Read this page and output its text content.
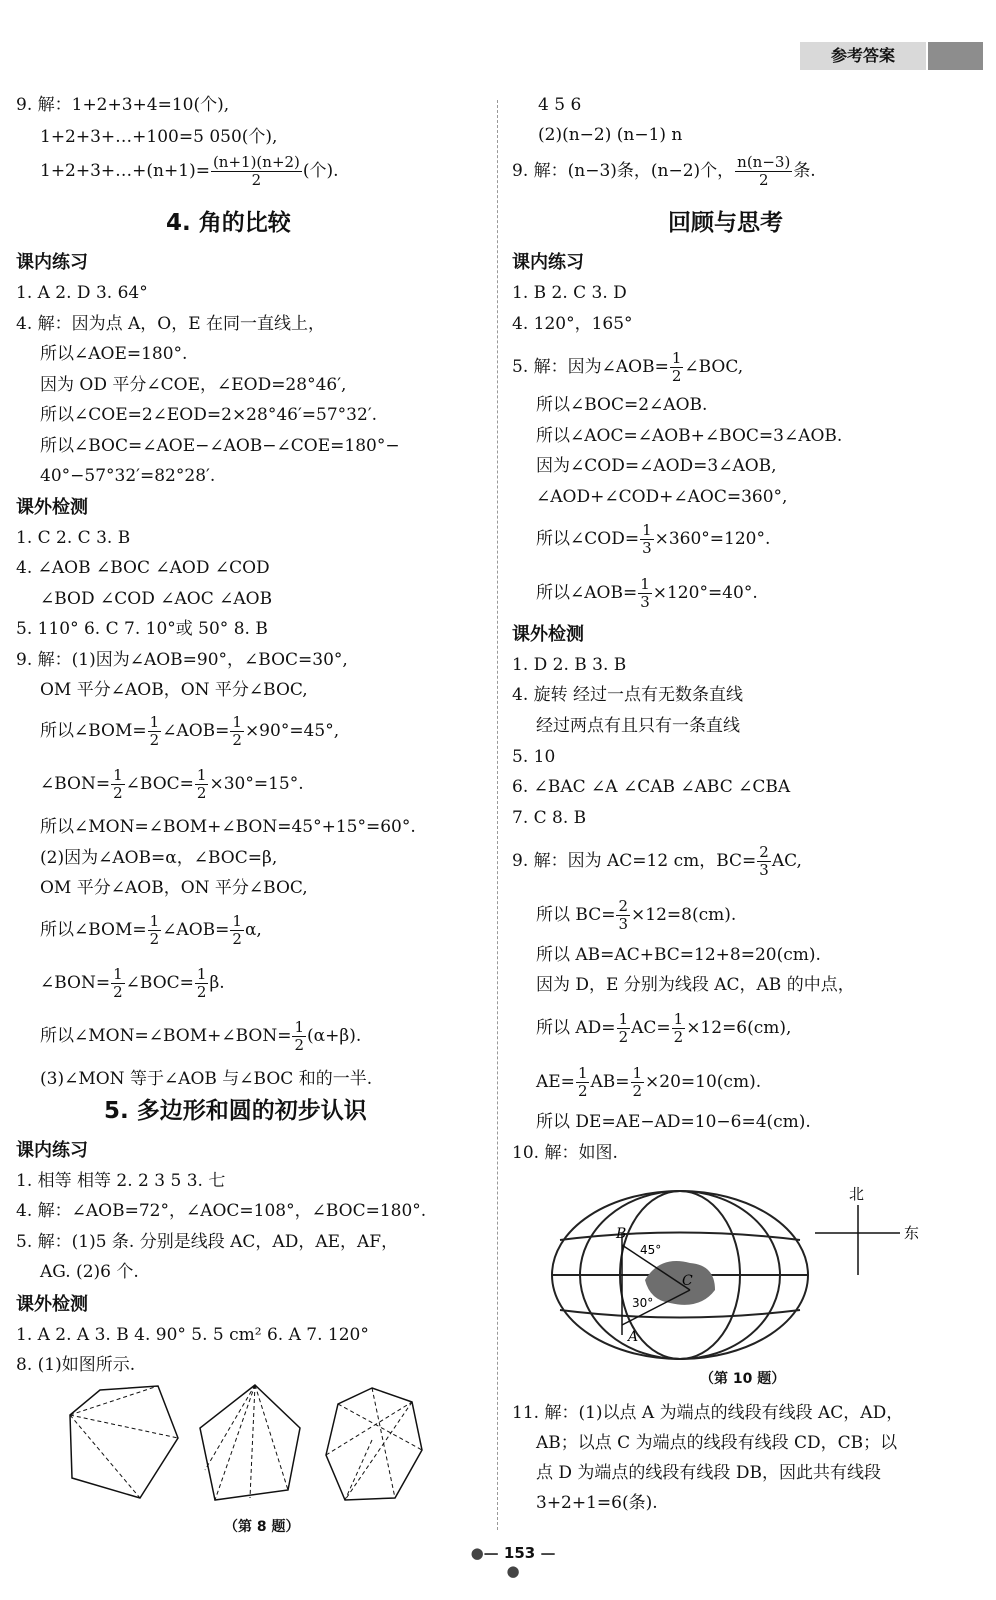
参考答案
9. 解：1+2+3+4=10(个),
1+2+3+…+100=5 050(个),
1+2+3+…+(n+1)= $\frac{(n+1)(n+2)}{2}$ (个).
4. 角的比较
课内练习
1. A 2. D 3. 64°
4. 解：因为点 A，O，E 在同一直线上，
所以∠AOE=180°.
因为 OD 平分∠COE，∠EOD=28°46′,
所以∠COE=2∠EOD=2×28°46′=57°32′.
所以∠BOC=∠AOE−∠AOB−∠COE=180°−
40°−57°32′=82°28′.
课外检测
1. C 2. C 3. B
4. ∠AOB ∠BOC ∠AOD ∠COD
∠BOD ∠COD ∠AOC ∠AOB
5. 110° 6. C 7. 10°或 50° 8. B
9. 解：(1)因为∠AOB=90°，∠BOC=30°,
OM 平分∠AOB，ON 平分∠BOC,
所以∠BOM= $\frac{1}{2}$ ∠AOB= $\frac{1}{2} \times 90^\circ=45^\circ$,
∠BON= $\frac{1}{2}$ ∠BOC= $\frac{1}{2} \times 30^\circ=15^\circ$.
所以∠MON=∠BOM+∠BON=45°+15°=60°.
(2)因为∠AOB=α，∠BOC=β,
OM 平分∠AOB，ON 平分∠BOC,
所以∠BOM= $\frac{1}{2}$ ∠AOB= $\frac{1}{2} \alpha$,
∠BON= $\frac{1}{2}$ ∠BOC= $\frac{1}{2} \beta$.
所以∠MON=∠BOM+∠BON= $\frac{1}{2} (\alpha+\beta)$.
(3)∠MON 等于∠AOB 与∠BOC 和的一半.
5. 多边形和圆的初步认识
课内练习
1. 相等 相等 2. 2 3 5 3. 七
4. 解：∠AOB=72°，∠AOC=108°，∠BOC=180°.
5. 解：(1)5 条. 分别是线段 AC，AD，AE，AF，
AG. (2)6 个.
课外检测
1. A 2. A 3. B 4. 90° 5. 5 cm² 6. A 7. 120°
8. (1)如图所示.
（第 8 题）
4 5 6
(2)(n−2) (n−1) n
9. 解：(n−3)条，(n−2)个， $\frac{n(n-3)}{2}$ 条.
回顾与思考
课内练习
1. B 2. C 3. D
4. 120°，165°
5. 解：因为∠AOB= $\frac{1}{2}$ ∠BOC,
所以∠BOC=2∠AOB.
所以∠AOC=∠AOB+∠BOC=3∠AOB.
因为∠COD=∠AOD=3∠AOB,
∠AOD+∠COD+∠AOC=360°,
所以∠COD= $\frac{1}{3} \times 360^\circ=120^\circ$.
所以∠AOB= $\frac{1}{3} \times 120^\circ=40^\circ$.
课外检测
1. D 2. B 3. B
4. 旋转 经过一点有无数条直线
经过两点有且只有一条直线
5. 10
6. ∠BAC ∠A ∠CAB ∠ABC ∠CBA
7. C 8. B
9. 解：因为 AC=12 cm，$BC= \frac{2}{3}$ AC,
所以 $BC= \frac{2}{3} \times 12=8(cm)$.
所以 AB=AC+BC=12+8=20(cm).
因为 D，E 分别为线段 AC，AB 的中点，
所以 $AD= \frac{1}{2} AC= \frac{1}{2} \times 12=6(cm)$,
$AE= \frac{1}{2} AB= \frac{1}{2} \times 20=10(cm)$.
所以 DE=AE−AD=10−6=4(cm).
10. 解：如图.
11. 解：(1)以点 A 为端点的线段有线段 AC，AD，
AB；以点 C 为端点的线段有线段 CD，CB；以
点 D 为端点的线段有线段 DB，因此共有线段
3+2+1=6(条).
B
C
A
45°
30°
北
东
（第 10 题）
●— 153 —●
